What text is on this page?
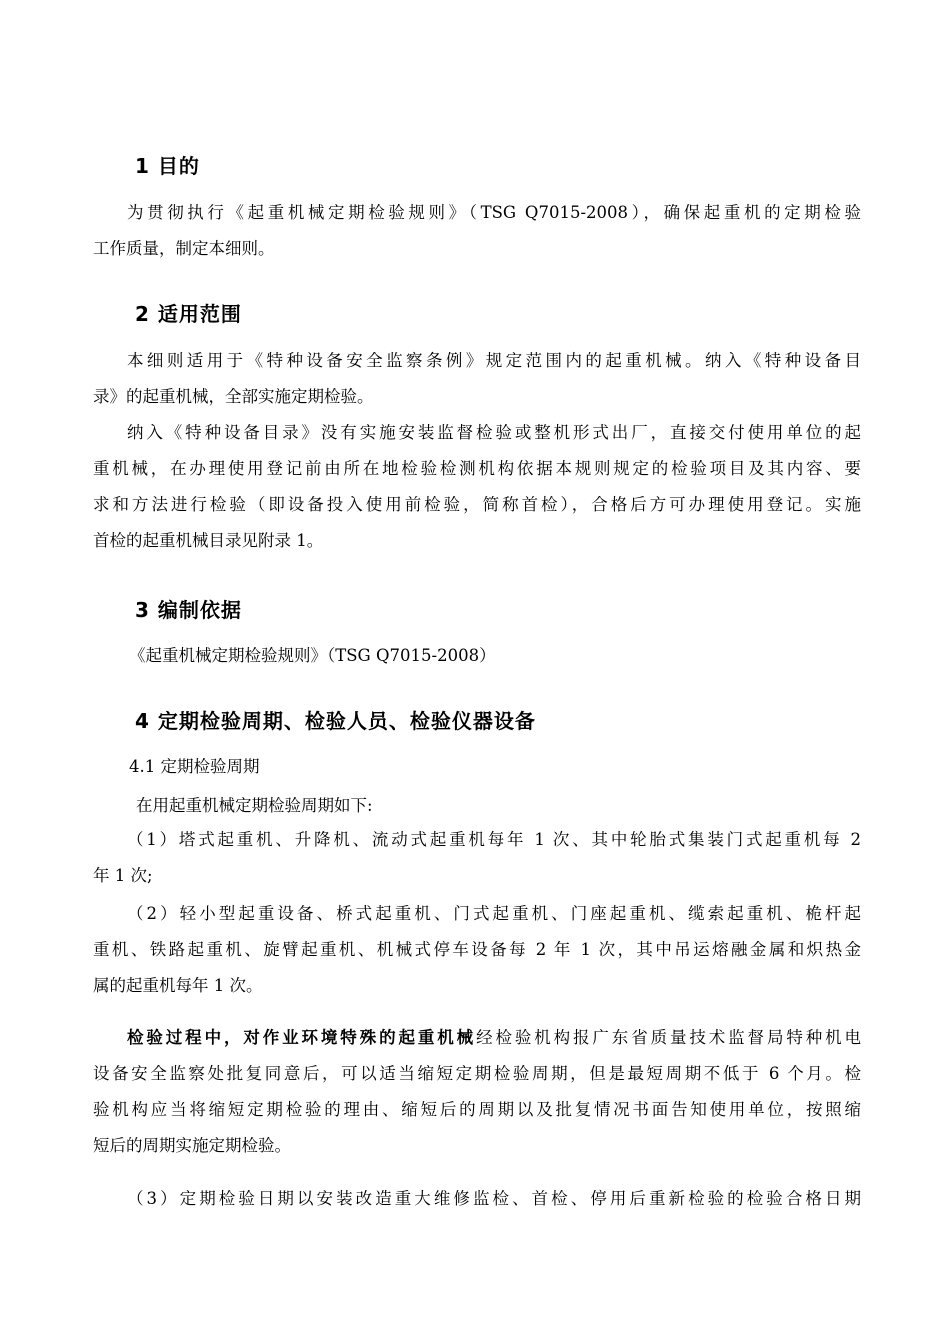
1 目的
为贯彻执行《起重机械定期检验规则》（TSG Q7015-2008），确保起重机的定期检验
工作质量，制定本细则。
2 适用范围
本细则适用于《特种设备安全监察条例》规定范围内的起重机械。纳入《特种设备目
录》的起重机械，全部实施定期检验。
纳入《特种设备目录》没有实施安装监督检验或整机形式出厂，直接交付使用单位的起
重机械，在办理使用登记前由所在地检验检测机构依据本规则规定的检验项目及其内容、要
求和方法进行检验（即设备投入使用前检验，简称首检），合格后方可办理使用登记。实施
首检的起重机械目录见附录 1。
3 编制依据
《起重机械定期检验规则》（TSG Q7015-2008）
4 定期检验周期、检验人员、检验仪器设备
4.1 定期检验周期
在用起重机械定期检验周期如下:
（1）塔式起重机、升降机、流动式起重机每年 1 次、其中轮胎式集装门式起重机每 2
年 1 次;
（2）轻小型起重设备、桥式起重机、门式起重机、门座起重机、缆索起重机、桅杆起
重机、铁路起重机、旋臂起重机、机械式停车设备每 2 年 1 次，其中吊运熔融金属和炽热金
属的起重机每年 1 次。
检验过程中，对作业环境特殊的起重机械经检验机构报广东省质量技术监督局特种机电
设备安全监察处批复同意后，可以适当缩短定期检验周期，但是最短周期不低于 6 个月。检
验机构应当将缩短定期检验的理由、缩短后的周期以及批复情况书面告知使用单位，按照缩
短后的周期实施定期检验。
（3）定期检验日期以安装改造重大维修监检、首检、停用后重新检验的检验合格日期
